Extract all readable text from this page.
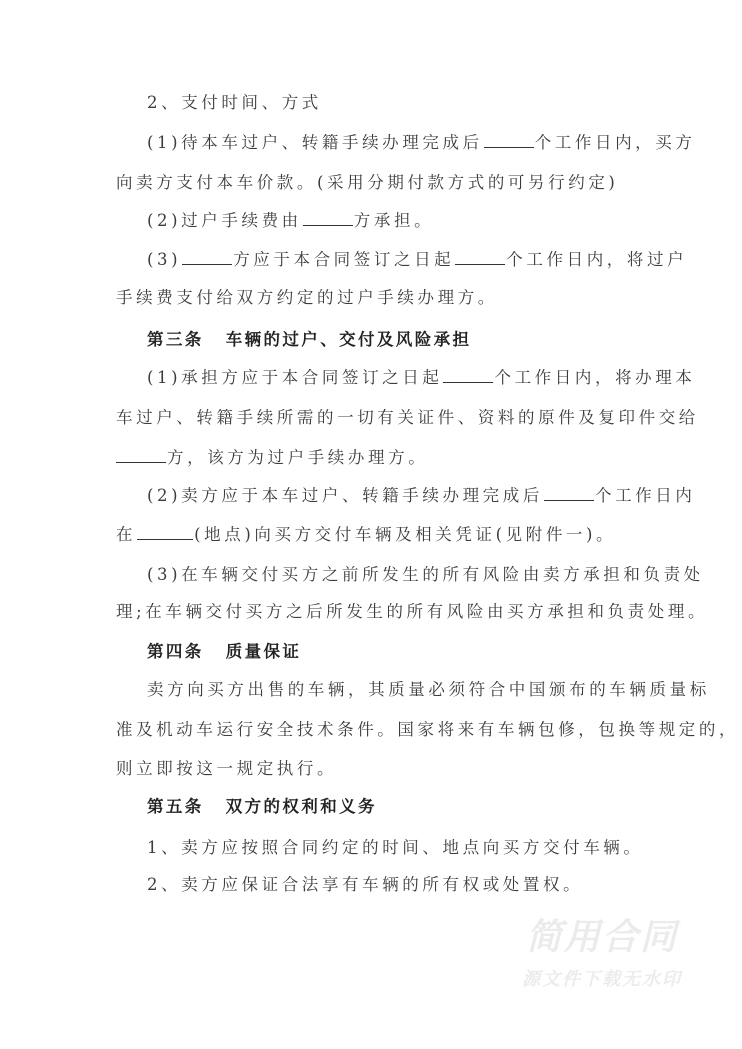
2、支付时间、方式
(1)待本车过户、转籍手续办理完成后	个工作日内，买方
向卖方支付本车价款。(采用分期付款方式的可另行约定)
(2)过户手续费由	方承担。
(3)	方应于本合同签订之日起	个工作日内，将过户
手续费支付给双方约定的过户手续办理方。
第三条 车辆的过户、交付及风险承担
(1)承担方应于本合同签订之日起	个工作日内，将办理本
车过户、转籍手续所需的一切有关证件、资料的原件及复印件交给
方，该方为过户手续办理方。
(2)卖方应于本车过户、转籍手续办理完成后	个工作日内
在	(地点)向买方交付车辆及相关凭证(见附件一)。
(3)在车辆交付买方之前所发生的所有风险由卖方承担和负责处
理;在车辆交付买方之后所发生的所有风险由买方承担和负责处理。
第四条 质量保证
卖方向买方出售的车辆，其质量必须符合中国颁布的车辆质量标
准及机动车运行安全技术条件。国家将来有车辆包修，包换等规定的，
则立即按这一规定执行。
第五条 双方的权利和义务
1、卖方应按照合同约定的时间、地点向买方交付车辆。
2、卖方应保证合法享有车辆的所有权或处置权。
简用合同
源文件下载无水印
